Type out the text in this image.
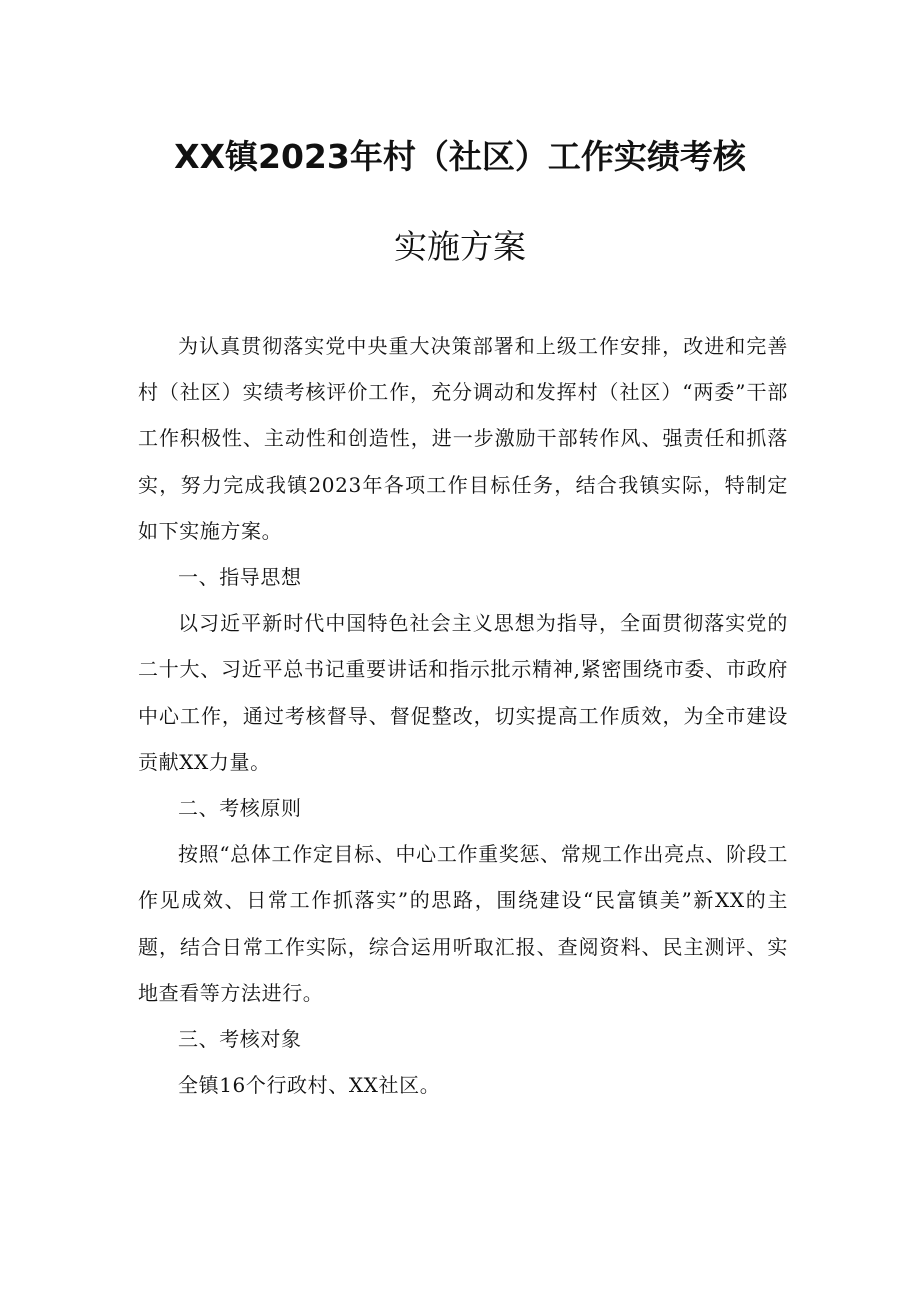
XX镇2023年村（社区）工作实绩考核
实施方案

为认真贯彻落实党中央重大决策部署和上级工作安排，改进和完善村（社区）实绩考核评价工作，充分调动和发挥村（社区）“两委”干部工作积极性、主动性和创造性，进一步激励干部转作风、强责任和抓落实，努力完成我镇2023年各项工作目标任务，结合我镇实际，特制定如下实施方案。

一、指导思想

以习近平新时代中国特色社会主义思想为指导，全面贯彻落实党的二十大、习近平总书记重要讲话和指示批示精神,紧密围绕市委、市政府中心工作，通过考核督导、督促整改，切实提高工作质效，为全市建设贡献XX力量。

二、考核原则

按照“总体工作定目标、中心工作重奖惩、常规工作出亮点、阶段工作见成效、日常工作抓落实”的思路，围绕建设“民富镇美”新XX的主题，结合日常工作实际，综合运用听取汇报、查阅资料、民主测评、实地查看等方法进行。

三、考核对象

全镇16个行政村、XX社区。
